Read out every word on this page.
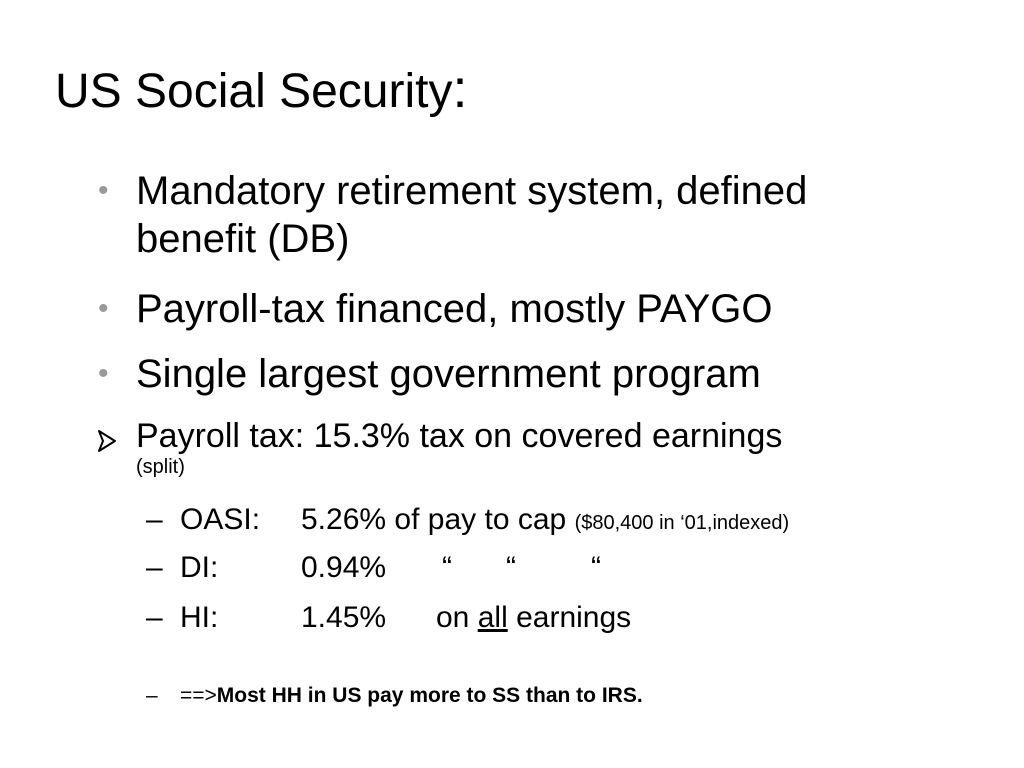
US Social Security:
• Mandatory retirement system, defined benefit (DB)
• Payroll-tax financed, mostly PAYGO
• Single largest government program
Payroll tax: 15.3% tax on covered earnings
(split)
– OASI: 5.26% of pay to cap ($80,400 in ‘01,indexed)
– DI:	0.94% “ “	“
– HI:	1.45% on all earnings
– ==>Most HH in US pay more to SS than to IRS.
